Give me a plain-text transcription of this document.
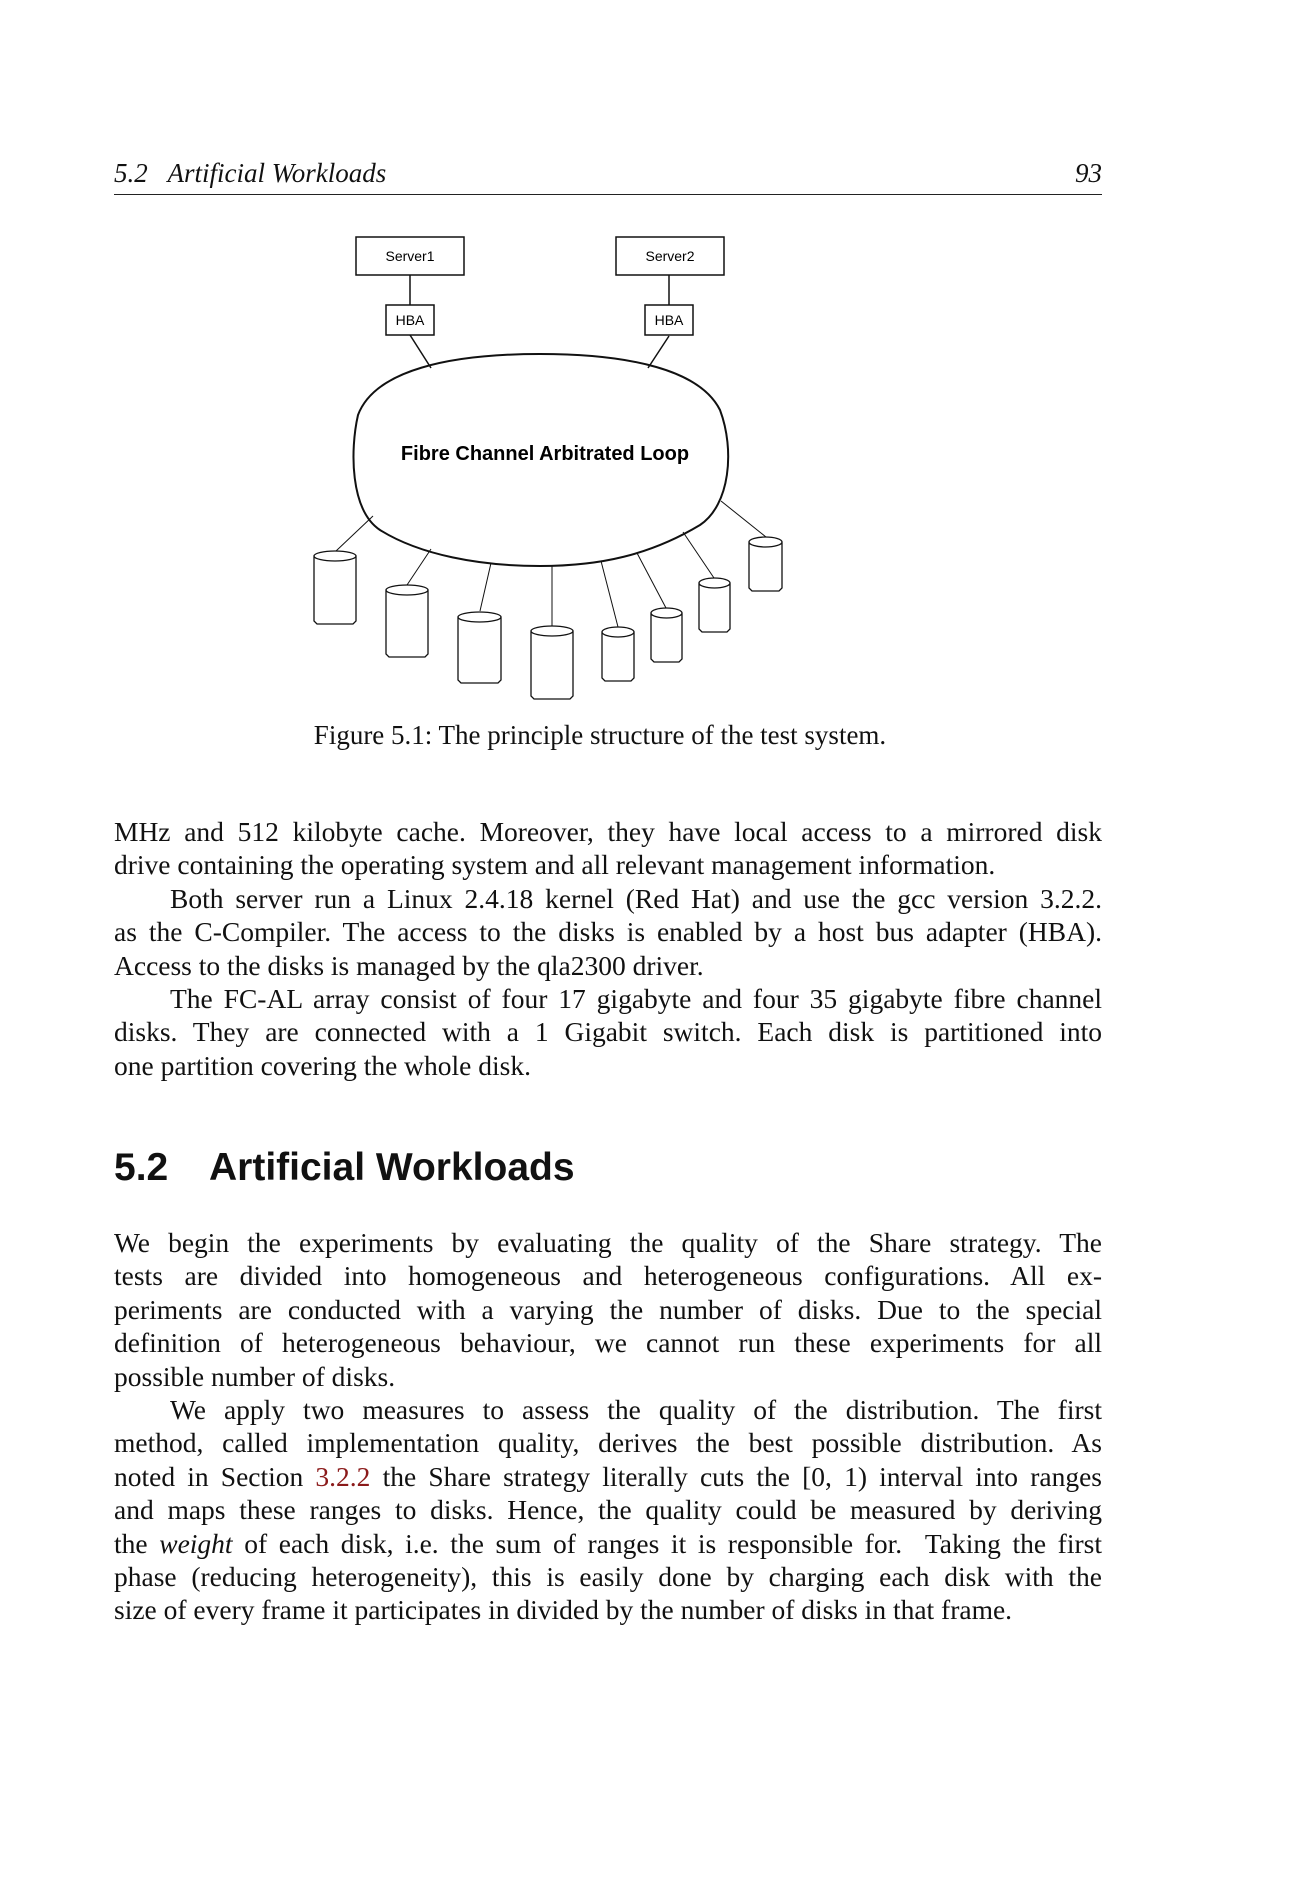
5.2   Artificial Workloads	93
Server1	Server2
HBA	HBA
Fibre Channel Arbitrated Loop
Figure 5.1: The principle structure of the test system.
MHz and 512 kilobyte cache. Moreover, they have local access to a mirrored disk
drive containing the operating system and all relevant management information.
Both server run a Linux 2.4.18 kernel (Red Hat) and use the gcc version 3.2.2.
as the C-Compiler. The access to the disks is enabled by a host bus adapter (HBA).
Access to the disks is managed by the qla2300 driver.
The FC-AL array consist of four 17 gigabyte and four 35 gigabyte fibre channel
disks. They are connected with a 1 Gigabit switch. Each disk is partitioned into
one partition covering the whole disk.
5.2 Artificial Workloads
We begin the experiments by evaluating the quality of the Share strategy. The
tests are divided into homogeneous and heterogeneous configurations. All ex-
periments are conducted with a varying the number of disks. Due to the special
definition of heterogeneous behaviour, we cannot run these experiments for all
possible number of disks.
We apply two measures to assess the quality of the distribution. The first
method, called implementation quality, derives the best possible distribution. As
noted in Section 3.2.2 the Share strategy literally cuts the [0, 1) interval into ranges
and maps these ranges to disks. Hence, the quality could be measured by deriving
the weight of each disk, i.e. the sum of ranges it is responsible for.  Taking the first
phase (reducing heterogeneity), this is easily done by charging each disk with the
size of every frame it participates in divided by the number of disks in that frame.
